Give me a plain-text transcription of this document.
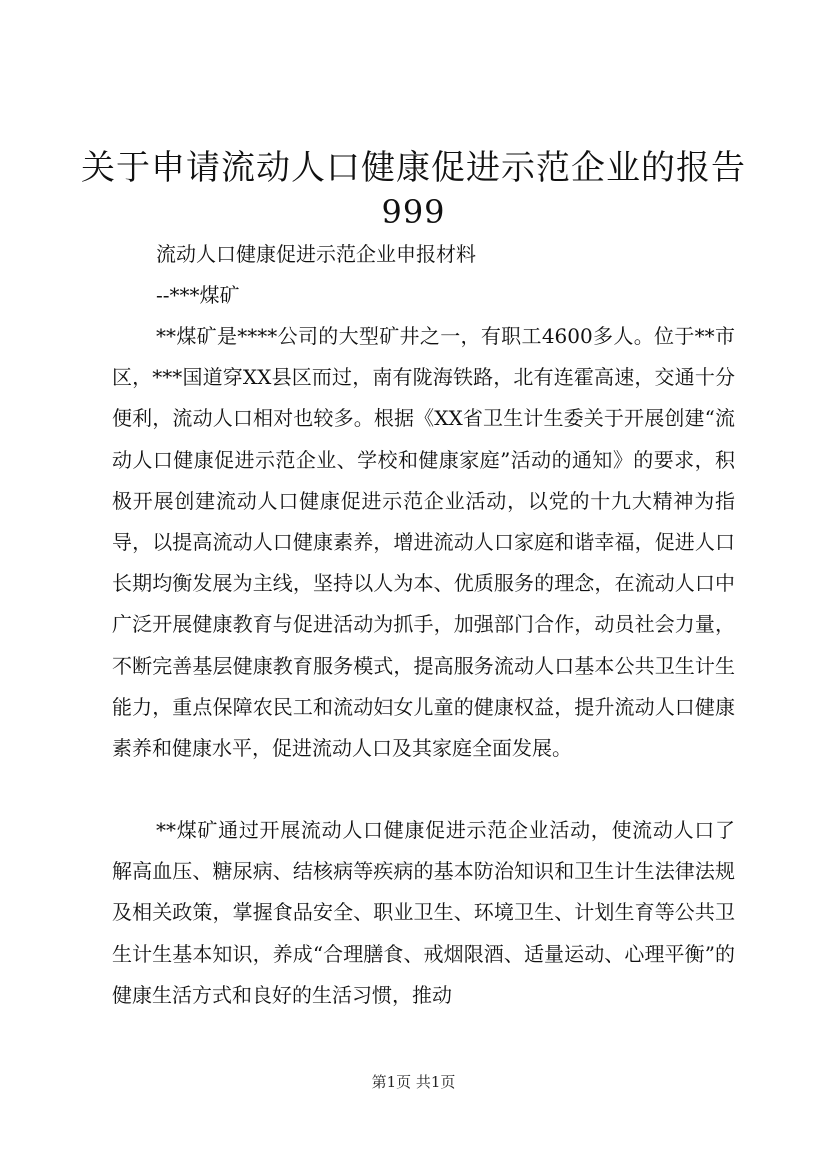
关于申请流动人口健康促进示范企业的报告
999

流动人口健康促进示范企业申报材料

--***煤矿

**煤矿是****公司的大型矿井之一，有职工4600多人。位于**市区，***国道穿XX县区而过，南有陇海铁路，北有连霍高速，交通十分便利，流动人口相对也较多。根据《XX省卫生计生委关于开展创建“流动人口健康促进示范企业、学校和健康家庭”活动的通知》的要求，积极开展创建流动人口健康促进示范企业活动，以党的十九大精神为指导，以提高流动人口健康素养，增进流动人口家庭和谐幸福，促进人口长期均衡发展为主线，坚持以人为本、优质服务的理念，在流动人口中广泛开展健康教育与促进活动为抓手，加强部门合作，动员社会力量，不断完善基层健康教育服务模式，提高服务流动人口基本公共卫生计生能力，重点保障农民工和流动妇女儿童的健康权益，提升流动人口健康素养和健康水平，促进流动人口及其家庭全面发展。

**煤矿通过开展流动人口健康促进示范企业活动，使流动人口了解高血压、糖尿病、结核病等疾病的基本防治知识和卫生计生法律法规及相关政策，掌握食品安全、职业卫生、环境卫生、计划生育等公共卫生计生基本知识，养成“合理膳食、戒烟限酒、适量运动、心理平衡”的健康生活方式和良好的生活习惯，推动

第1页 共1页
